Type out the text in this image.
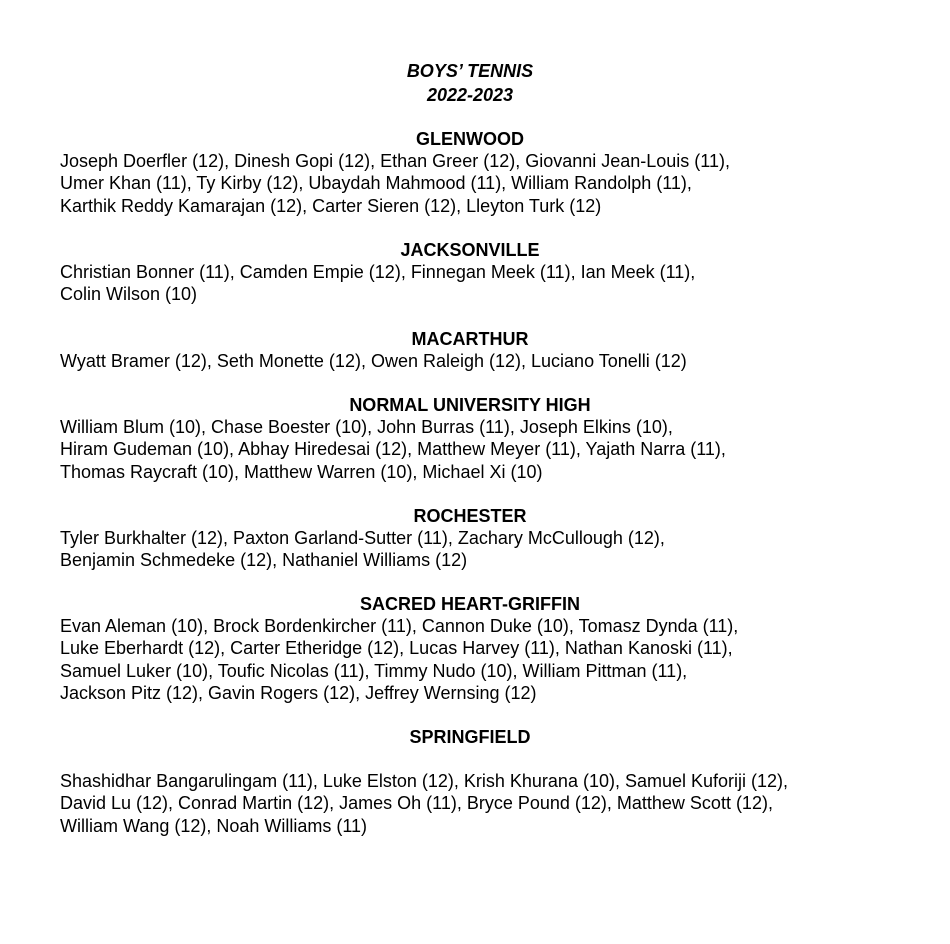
BOYS’ TENNIS
2022-2023
GLENWOOD
Joseph Doerfler (12), Dinesh Gopi (12), Ethan Greer (12), Giovanni Jean-Louis (11),
Umer Khan (11), Ty Kirby (12), Ubaydah Mahmood (11), William Randolph (11),
Karthik Reddy Kamarajan (12), Carter Sieren (12), Lleyton Turk (12)
JACKSONVILLE
Christian Bonner (11), Camden Empie (12), Finnegan Meek (11), Ian Meek (11),
Colin Wilson (10)
MACARTHUR
Wyatt Bramer (12), Seth Monette (12), Owen Raleigh (12), Luciano Tonelli (12)
NORMAL UNIVERSITY HIGH
William Blum (10), Chase Boester (10), John Burras (11), Joseph Elkins (10),
Hiram Gudeman (10), Abhay Hiredesai (12), Matthew Meyer (11), Yajath Narra (11),
Thomas Raycraft (10), Matthew Warren (10), Michael Xi (10)
ROCHESTER
Tyler Burkhalter (12), Paxton Garland-Sutter (11), Zachary McCullough (12),
Benjamin Schmedeke (12), Nathaniel Williams (12)
SACRED HEART-GRIFFIN
Evan Aleman (10), Brock Bordenkircher (11), Cannon Duke (10), Tomasz Dynda (11),
Luke Eberhardt (12), Carter Etheridge (12), Lucas Harvey (11), Nathan Kanoski (11),
Samuel Luker (10), Toufic Nicolas (11), Timmy Nudo (10), William Pittman (11),
Jackson Pitz (12), Gavin Rogers (12), Jeffrey Wernsing (12)
SPRINGFIELD
Shashidhar Bangarulingam (11), Luke Elston (12), Krish Khurana (10), Samuel Kuforiji (12),
David Lu (12), Conrad Martin (12), James Oh (11), Bryce Pound (12), Matthew Scott (12),
William Wang (12), Noah Williams (11)
